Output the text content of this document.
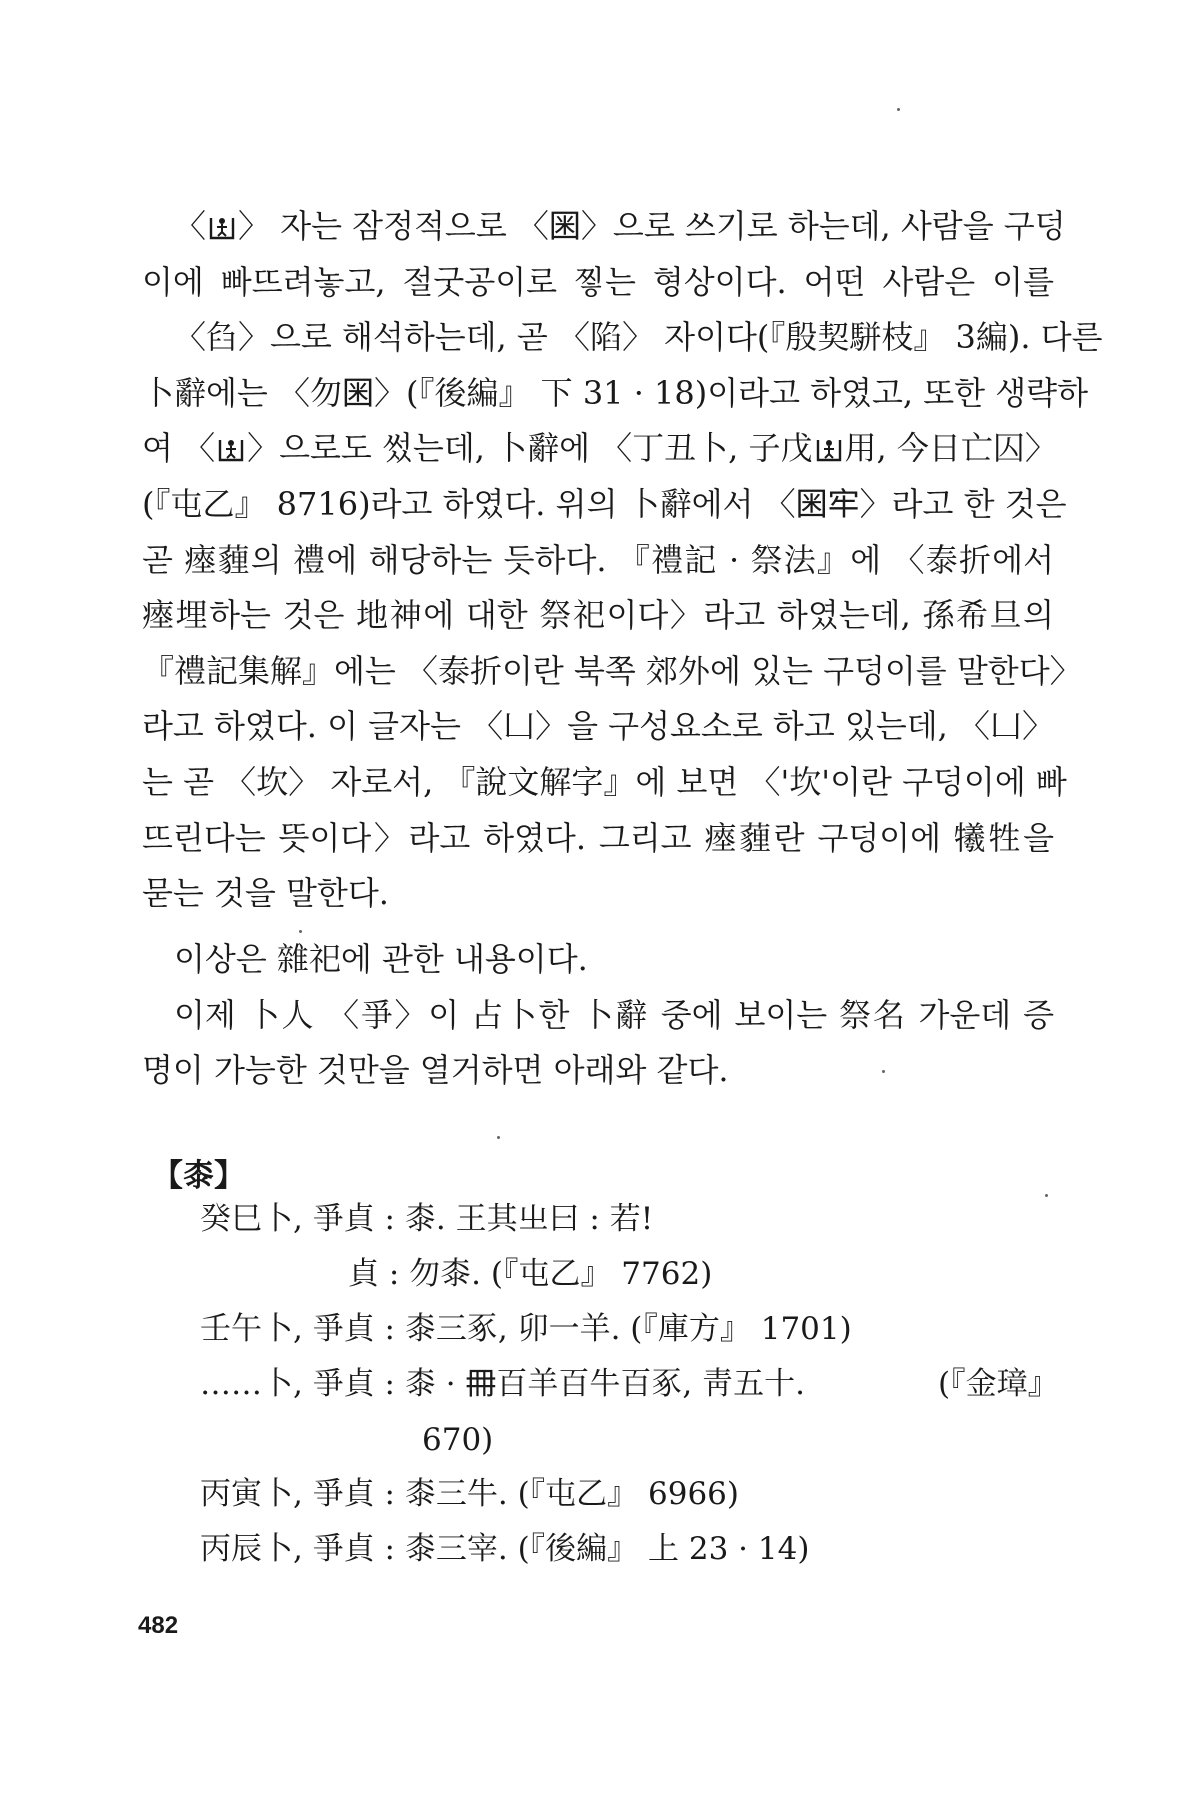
〈 〉 자는 잠정적으로 〈𡇒〉으로 쓰기로 하는데, 사람을 구덩
이에 빠뜨려놓고, 절굿공이로 찧는 형상이다. 어떤 사람은 이를
〈臽〉으로 해석하는데, 곧 〈陷〉 자이다(『殷契駢枝』 3編). 다른
卜辭에는 〈勿𡇒〉(『後編』 下 31 · 18)이라고 하였고, 또한 생략하
여 〈 〉으로도 썼는데, 卜辭에 〈丁丑卜, 子戊 用, 今日亡囚〉
(『屯乙』 8716)라고 하였다. 위의 卜辭에서 〈𡇒牢〉라고 한 것은
곧 瘞薶의 禮에 해당하는 듯하다. 『禮記 · 祭法』에 〈泰折에서
瘞埋하는 것은 地神에 대한 祭祀이다〉라고 하였는데, 孫希旦의
『禮記集解』에는 〈泰折이란 북쪽 郊外에 있는 구덩이를 말한다〉
라고 하였다. 이 글자는 〈凵〉을 구성요소로 하고 있는데, 〈凵〉
는 곧 〈坎〉 자로서, 『說文解字』에 보면 〈'坎'이란 구덩이에 빠
뜨린다는 뜻이다〉라고 하였다. 그리고 瘞薶란 구덩이에 犧牲을
묻는 것을 말한다.
이상은 雜祀에 관한 내용이다.
이제 卜人 〈爭〉이 占卜한 卜辭 중에 보이는 祭名 가운데 증
명이 가능한 것만을 열거하면 아래와 같다.
【桼】
癸巳卜, 爭貞 : 桼. 王其㞢曰 : 若!
貞 : 勿桼. (『屯乙』 7762)
壬午卜, 爭貞 : 桼三豖, 卯一羊. (『庫方』 1701)
……卜, 爭貞 : 桼 · 𠕋百羊百牛百豖, 靑五十.	(『金璋』
670)
丙寅卜, 爭貞 : 桼三牛. (『屯乙』 6966)
丙辰卜, 爭貞 : 桼三宰. (『後編』 上 23 · 14)
482
